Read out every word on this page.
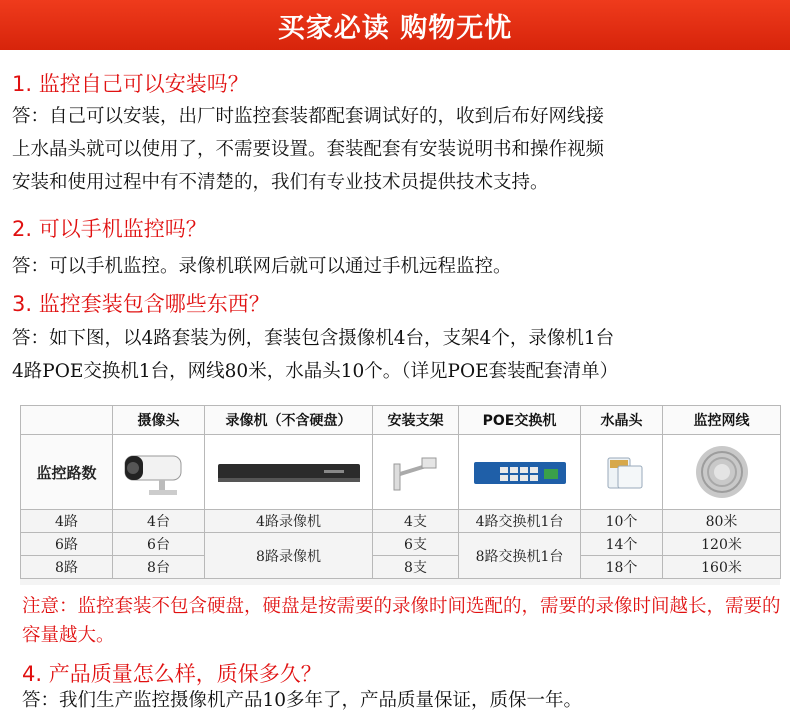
买家必读 购物无忧
1. 监控自己可以安装吗？
答：自己可以安装，出厂时监控套装都配套调试好的，收到后布好网线接
上水晶头就可以使用了，不需要设置。套装配套有安装说明书和操作视频
安装和使用过程中有不清楚的，我们有专业技术员提供技术支持。
2. 可以手机监控吗？
答：可以手机监控。录像机联网后就可以通过手机远程监控。
3. 监控套装包含哪些东西？
答：如下图，以4路套装为例，套装包含摄像机4台，支架4个，录像机1台
4路POE交换机1台，网线80米，水晶头10个。（详见POE套装配套清单）
	摄像头	录像机（不含硬盘）	安装支架	POE交换机	水晶头	监控网线
监控路数	

4路	4台	4路录像机	4支	4路交换机1台	10个	80米
6路	6台	8路录像机	6支	8路交换机1台	14个	120米
8路	8台		8支		18个	160米
注意：监控套装不包含硬盘，硬盘是按需要的录像时间选配的，需要的录像时间越长，需要的容量越大。
4. 产品质量怎么样，质保多久？
答：我们生产监控摄像机产品10多年了，产品质量保证，质保一年。
